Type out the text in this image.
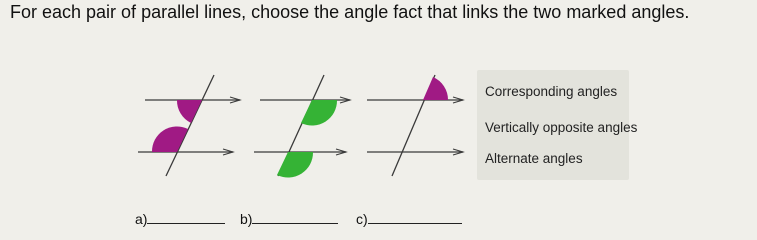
For each pair of parallel lines, choose the angle fact that links the two marked angles.
Corresponding angles
Vertically opposite angles
Alternate angles
a)	b)	c)
